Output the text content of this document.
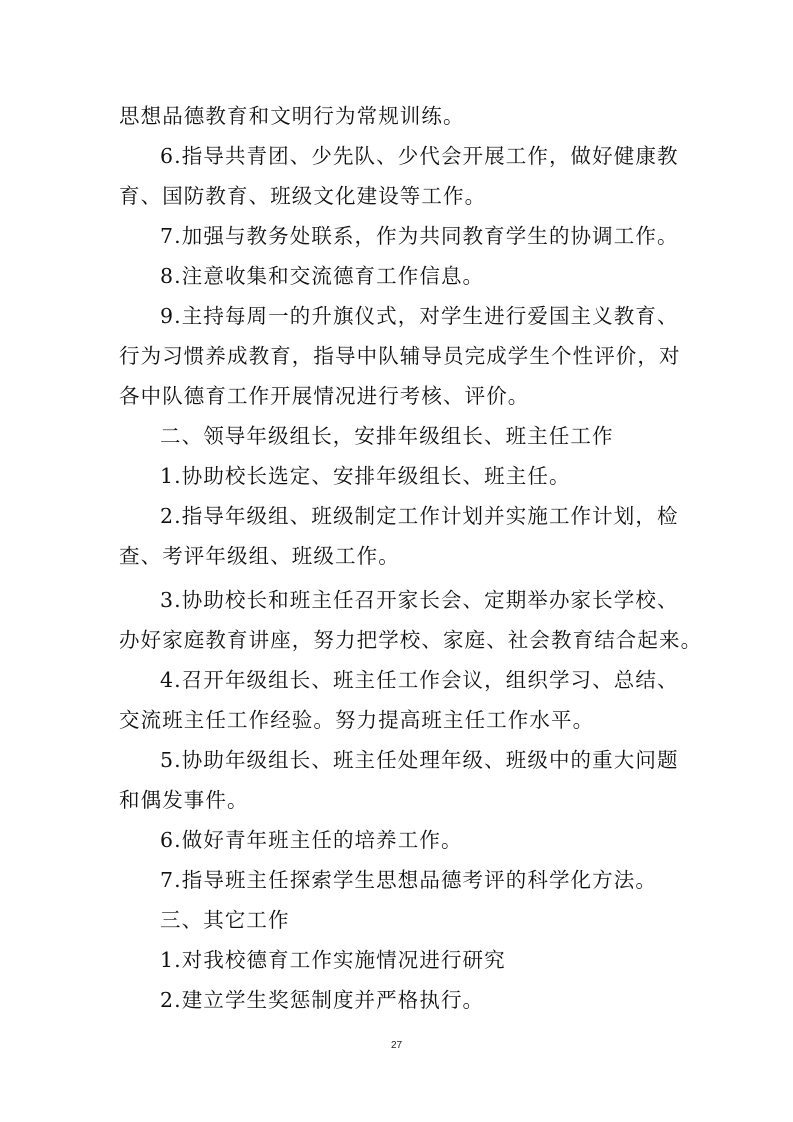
思想品德教育和文明行为常规训练。
6.指导共青团、少先队、少代会开展工作，做好健康教
育、国防教育、班级文化建设等工作。
7.加强与教务处联系，作为共同教育学生的协调工作。
8.注意收集和交流德育工作信息。
9.主持每周一的升旗仪式，对学生进行爱国主义教育、
行为习惯养成教育，指导中队辅导员完成学生个性评价，对
各中队德育工作开展情况进行考核、评价。
二、领导年级组长，安排年级组长、班主任工作
1.协助校长选定、安排年级组长、班主任。
2.指导年级组、班级制定工作计划并实施工作计划，检
查、考评年级组、班级工作。
3.协助校长和班主任召开家长会、定期举办家长学校、
办好家庭教育讲座，努力把学校、家庭、社会教育结合起来。
4.召开年级组长、班主任工作会议，组织学习、总结、
交流班主任工作经验。努力提高班主任工作水平。
5.协助年级组长、班主任处理年级、班级中的重大问题
和偶发事件。
6.做好青年班主任的培养工作。
7.指导班主任探索学生思想品德考评的科学化方法。
三、其它工作
1.对我校德育工作实施情况进行研究
2.建立学生奖惩制度并严格执行。
27
